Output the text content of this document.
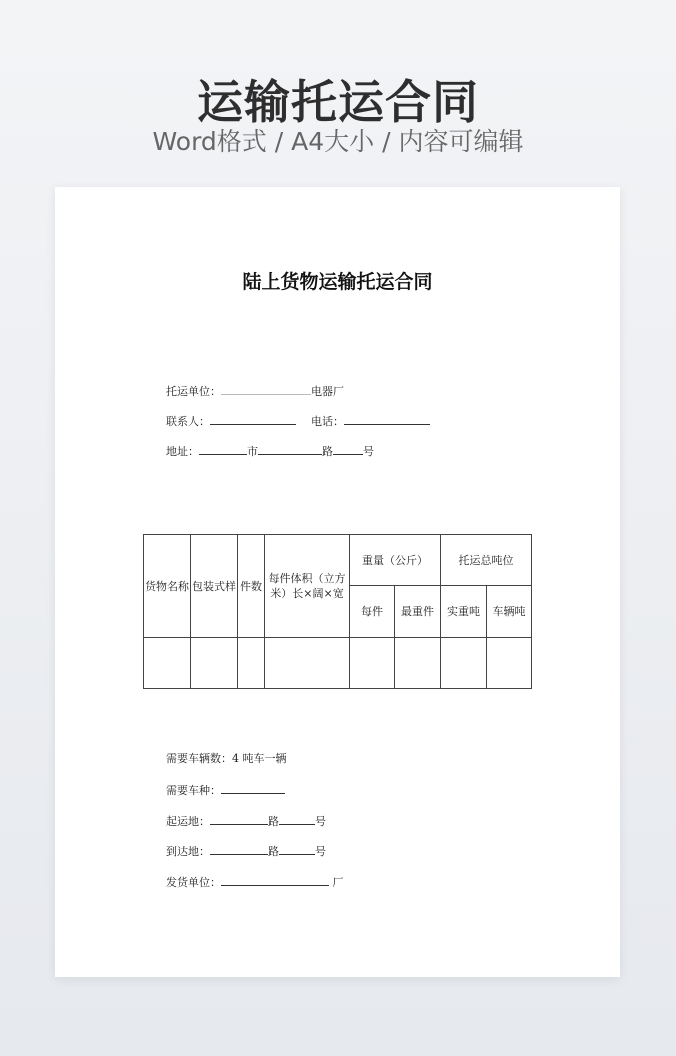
运输托运合同
Word格式 / A4大小 / 内容可编辑
陆上货物运输托运合同
托运单位：	电器厂
联系人：	电话：
地址：	市	路	号
货物名称	包装式样	件数	每件体积（立方米）长×阔×宽	重量（公斤）		托运总吨位	
				每件	最重件	实重吨	车辆吨

需要车辆数：4 吨车一辆
需要车种：
起运地：	路	号
到达地：	路	号
发货单位：	厂
